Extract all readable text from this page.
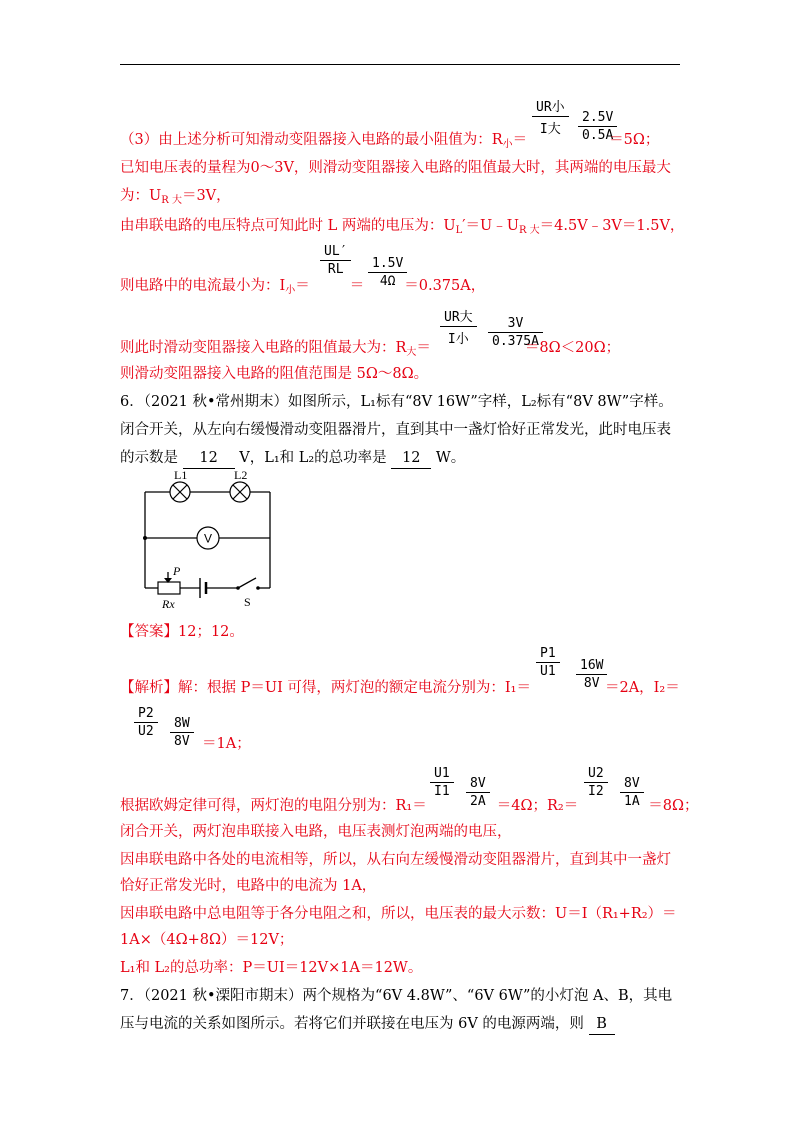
UR小
I大	$\frac{2.5V}{0.5A}$
（3）由上述分析可知滑动变阻器接入电路的最小阻值为：$R_小=$	＝5Ω；
已知电压表的量程为0～3V，则滑动变阻器接入电路的阻值最大时，其两端的电压最大
为：$U_{R 大}=3V$，
由串联电路的电压特点可知此时 L 两端的电压为：$U_L'=U﹣U_{R 大}=4.5V﹣3V=1.5V$，
$\frac{UL'}{RL} \frac{1.5V}{4\Omega}$
则电路中的电流最小为：$I_小=$	＝	＝0.375A，
UR大
I小	$\frac{3V}{0.375A}$
则此时滑动变阻器接入电路的阻值最大为：$R_大=$	＝8Ω＜20Ω；
则滑动变阻器接入电路的阻值范围是 5Ω～8Ω。
6．（2021 秋•常州期末）如图所示，L₁标有“8V 16W”字样，L₂标有“8V 8W”字样。
闭合开关，从左向右缓慢滑动变阻器滑片，直到其中一盏灯恰好正常发光，此时电压表
的示数是 12 V，L₁和 L₂的总功率是 12 W。
V
L1	L2
P
Rx	S
【答案】12；12。
$\frac{P1}{U1} \frac{16W}{8V}$
【解析】解：根据 P＝UI 可得，两灯泡的额定电流分别为：I₁＝	＝2A，I₂＝
$\frac{P2}{U2} \frac{8W}{8V} =1A$；
$\frac{U1}{I1} \frac{8V}{2A}$	$\frac{U2}{I2} \frac{8V}{1A}$
根据欧姆定律可得，两灯泡的电阻分别为：R₁＝	＝4Ω；R₂＝	＝8Ω；
闭合开关，两灯泡串联接入电路，电压表测灯泡两端的电压，
因串联电路中各处的电流相等，所以，从右向左缓慢滑动变阻器滑片，直到其中一盏灯
恰好正常发光时，电路中的电流为 1A，
因串联电路中总电阻等于各分电阻之和，所以，电压表的最大示数：U＝I（R₁+R₂）＝
1A×（4Ω+8Ω）＝12V；
L₁和 L₂的总功率：P＝UI＝12V×1A＝12W。
7．（2021 秋•溧阳市期末）两个规格为“6V 4.8W”、“6V 6W”的小灯泡 A、B，其电
压与电流的关系如图所示。若将它们并联接在电压为 6V 的电源两端，则 B
